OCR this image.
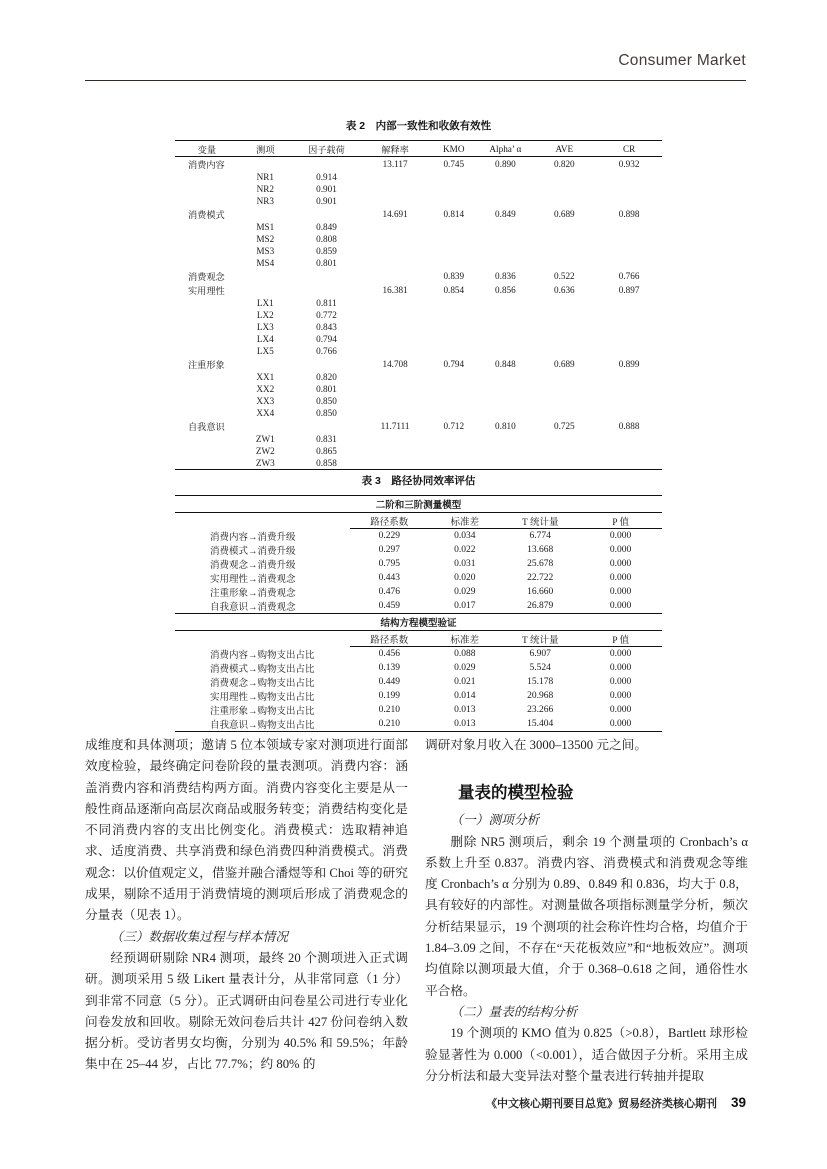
Consumer Market
表 2　内部一致性和收敛有效性
变量	测项	因子载荷	解释率	KMO	Alpha’ α	AVE	CR
消费内容			13.117	0.745	0.890	0.820	0.932
	NR1	0.914					
	NR2	0.901					
	NR3	0.901					
消费模式			14.691	0.814	0.849	0.689	0.898
	MS1	0.849					
	MS2	0.808					
	MS3	0.859					
	MS4	0.801					
消费观念				0.839	0.836	0.522	0.766
实用理性			16.381	0.854	0.856	0.636	0.897
	LX1	0.811					
	LX2	0.772					
	LX3	0.843					
	LX4	0.794					
	LX5	0.766					
注重形象			14.708	0.794	0.848	0.689	0.899
	XX1	0.820					
	XX2	0.801					
	XX3	0.850					
	XX4	0.850					
自我意识			11.7111	0.712	0.810	0.725	0.888
	ZW1	0.831					
	ZW2	0.865					
	ZW3	0.858					
表 3　路径协同效率评估
二阶和三阶测量模型				
	路径系数	标准差	T 统计量	P 值
消费内容→消费升级	0.229	0.034	6.774	0.000
消费模式→消费升级	0.297	0.022	13.668	0.000
消费观念→消费升级	0.795	0.031	25.678	0.000
实用理性→消费观念	0.443	0.020	22.722	0.000
注重形象→消费观念	0.476	0.029	16.660	0.000
自我意识→消费观念	0.459	0.017	26.879	0.000
结构方程模型验证				
	路径系数	标准差	T 统计量	P 值
消费内容→购物支出占比	0.456	0.088	6.907	0.000
消费模式→购物支出占比	0.139	0.029	5.524	0.000
消费观念→购物支出占比	0.449	0.021	15.178	0.000
实用理性→购物支出占比	0.199	0.014	20.968	0.000
注重形象→购物支出占比	0.210	0.013	23.266	0.000
自我意识→购物支出占比	0.210	0.013	15.404	0.000

成维度和具体测项；邀请 5 位本领域专家对测项进行面部效度检验，最终确定问卷阶段的量表测项。消费内容：涵盖消费内容和消费结构两方面。消费内容变化主要是从一般性商品逐渐向高层次商品或服务转变；消费结构变化是不同消费内容的支出比例变化。消费模式：选取精神追求、适度消费、共享消费和绿色消费四种消费模式。消费观念：以价值观定义，借鉴并融合潘煜等和 Choi 等的研究成果，剔除不适用于消费情境的测项后形成了消费观念的分量表（见表 1）。

（三）数据收集过程与样本情况

经预调研剔除 NR4 测项，最终 20 个测项进入正式调研。测项采用 5 级 Likert 量表计分，从非常同意（1 分）到非常不同意（5 分）。正式调研由问卷星公司进行专业化问卷发放和回收。剔除无效问卷后共计 427 份问卷纳入数据分析。受访者男女均衡，分别为 40.5% 和 59.5%；年龄集中在 25–44 岁，占比 77.7%；约 80% 的

调研对象月收入在 3000–13500 元之间。

量表的模型检验

（一）测项分析

删除 NR5 测项后，剩余 19 个测量项的 Cronbach’s α 系数上升至 0.837。消费内容、消费模式和消费观念等维度 Cronbach’s α 分别为 0.89、0.849 和 0.836，均大于 0.8，具有较好的内部性。对测量做各项指标测量学分析，频次分析结果显示，19 个测项的社会称许性均合格，均值介于 1.84–3.09 之间，不存在“天花板效应”和“地板效应”。测项均值除以测项最大值，介于 0.368–0.618 之间，通俗性水平合格。

（二）量表的结构分析

19 个测项的 KMO 值为 0.825（>0.8），Bartlett 球形检验显著性为 0.000（<0.001），适合做因子分析。采用主成分分析法和最大变异法对整个量表进行转抽并提取

《中文核心期刊要目总览》贸易经济类核心期刊 39
